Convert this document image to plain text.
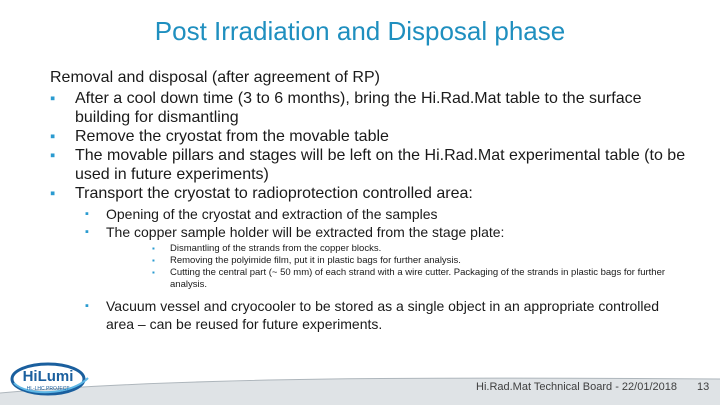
Post Irradiation and Disposal phase

Removal and disposal (after agreement of RP)

▪ After a cool down time (3 to 6 months), bring the Hi.Rad.Mat table to the surface building for dismantling
▪ Remove the cryostat from the movable table
▪ The movable pillars and stages will be left on the Hi.Rad.Mat experimental table (to be used in future experiments)
▪ Transport the cryostat to radioprotection controlled area:
▪ Opening of the cryostat and extraction of the samples
▪ The copper sample holder will be extracted from the stage plate:
▪ Dismantling of the strands from the copper blocks.
▪ Removing the polyimide film, put it in plastic bags for further analysis.
▪ Cutting the central part (~ 50 mm) of each strand with a wire cutter. Packaging of the strands in plastic bags for further analysis.
▪ Vacuum vessel and cryocooler to be stored as a single object in an appropriate controlled area – can be reused for future experiments.
HiLumi
HL-LHC PROJECT	Hi.Rad.Mat Technical Board - 22/01/2018 13
